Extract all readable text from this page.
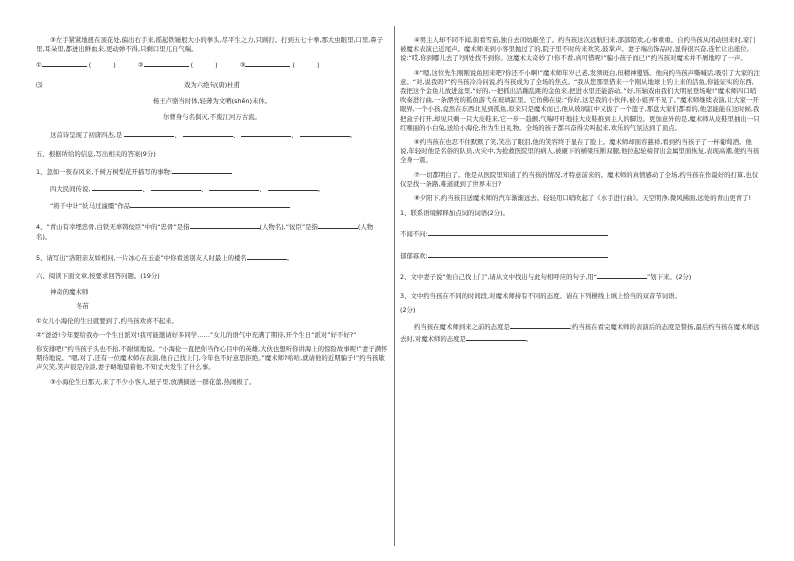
③左手紧紧地扭在顶花处,偏出右手来,摇起铁锤般大小的拳头,尽平生之力,只顾打。打到五七十拳,那大虫眼里,口里,鼻子里,耳朵里,都迸出鲜血来,更动弹不得,只剩口里兀自气喘。

①	(	)	②	(	)	③	(	)
⑶	戏为六绝句(唐)杜甫
杨王卢骆当时体,轻薄为文哂(shěn)未休。
尔曹身与名俱灭,不废江河万古流。
这首诗呈现了初唐四杰,是	、	、	、	。
五、根据所给的信息,写出相关的答案(9分)
1、忽如一夜春风来,千树万树梨花开描写的事物:
四大民间传说,	、	、	、	。
“将千中计”妖马过潼缰”作品
4、“青山有幸埋忠骨,白铁无辜铸佞臣”中的“忠骨”是指	(人物名),“佞臣”是指	(人物名)。
5、请写出“洛阳亲友如相问,一片冰心在玉壶”中你看送别友人时最上的楼名	。
六、阅读下面文章,按要求回答问题。(19分)
神奇的魔术师
冬苗

①女儿小海伦的生日就要到了,约当孩欢喜不起来。

②“爸爸!今年要给我办一个生日派对!我可能邀请好多同学……”女儿的语气中充满了期待,开个生日“派对”好不好?”

你安排吧!”约当孩子头也不抬,不耐烦地说。“小海伦一直把你当作心目中的英雄,大伙也想听你讲海上的惊险故事呢!”妻子满怀期待地说。“嗯,对了,还有一位魔术师在表演,他自己找上门,今年也不好意思拒绝。”魔术师?哈哈,就请他的近期骗子!”约当孩歇声欠笑,笑声很是冷淡,妻子略地望着他,不知丈夫发生了什么事。

③小海伦生日那天,来了不少小客人,屋子里,放满摘送一群花蕾,热闹极了。

④男主人却不同不闻,街看雪茄,独自去闭幼敲坐了。约当孩这次远航归来,部部陌欢,心事重重。自约当孩从闭动回来时,家门被魔术表演已近尾声。魔术师来到小客里抛过了的,院子里不时传来欢笑,鼓掌声。妻子端出饰品时,显得很兴奋,连忙让出座位,说:“哎,你到哪儿去了?到处找不到你。这魔术太奇妙了!你不看,真可惜呢!”骗小孩子而已!”约当孩对魔术并不屑地哼了一声。

⑤“嗯,这位先生刚刚说鱼回来吧?你还不小啊!”魔术师年岁已老,发须斑白,但精神矍铄。他向约当孩声嘶喊话,吸引了大家的注意。“对,说我吗?”约当孩冷冷问说,约当孩成为了全场的焦点。“我从您那里借来一个刚从地球上钓上来的活鱼,你能证实的东西,我把这个金鱼儿放进盆里,“好的,一把抓出活蹦乱跳的金鱼来,把进水里还能游动。”好,压轴戏由我们大明星登场啦!”魔术师四口哨吹奏进行曲,一条漂亮的孤鱼游弋在玻璃缸里。它仿佛在说:“你好,这是我的小伙伴,被小姐弄不见了。”魔术师继续表演,让大家一开眼界,一个小孩,竟然在东西北见到孤鱼,原来只是魔术而已,他从玻璃缸中又拔了一个篮子,那盘大家们都看的,他怎能能在这时候,我把盒子打开,却见只剩一只大皮鞋来,它一步一趋颤,气喘吁吁地挂大皮鞋推到主人的脚边。更加意外的是,魔术师从皮鞋里抽出一只红喉丽的小白兔,送给小海伦,作为生日礼物。全场的孩子都兴奋得尖叫起来,欢乐的气氛达到了顶点。

⑥约当孩在也忍不住默默了笑,笑出了眼泪,他的笑容终于显在了脸上。魔术师却面容慈祥,看到约当孩子了一杯葡萄酒。他说,年轻时他是名俗的队员,火灾中,为抢救医院里的病人,被砸下的横梁压断双腿,他拉起轮椅冒出金属里面恢复,表现高潮,使约当孩全身一震。

⑦一切都明白了。他是从医院里知道了约当孩的情况,才特意前来的。魔术师的真情感动了全场,约当孩在作最好的打算,也仅仅是找一条路,难道就到了世界末日?

⑧夕阳下,约当孩目送魔术师的汽车渐渐远去。轻轻用口哨吹起了《水手进行曲》。天空明净,微风拂面,远处的青山更青了!

1、联系语境解释加点词的词语(2分)。
不闻不问:
郁郁寡欢:
2、文中妻子说“他自己找上门”,请从文中找出与此句相呼应的句子,用“	”划下来。(2分)
3、文中约当孩在不同的时间段,对魔术师持有不同的态度。请在下列横线上填上恰当的双音节词语。
(2分)
约当孩在魔术师到来之前的态度是	;约当孩在看完魔术师的表演后的态度是赞扬,最后约当孩在魔术师远去时,对魔术师的态度是	。
